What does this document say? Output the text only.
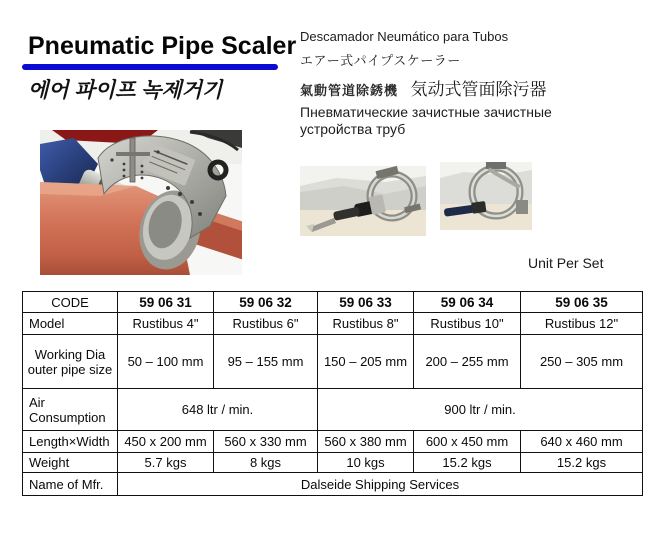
Pneumatic Pipe Scaler
에어 파이프 녹제거기
Descamador Neumático para Tubos
エアー式パイプスケーラー
氣動管道除銹機 気动式管面除污器
Пневматические зачистные зачистные
устройства труб
Unit Per Set
CODE	59 06 31	59 06 32	59 06 33	59 06 34	59 06 35
Model	Rustibus 4"	Rustibus 6"	Rustibus 8"	Rustibus 10"	Rustibus 12"
Working Dia outer pipe size	50 – 100 mm	95 – 155 mm	150 – 205 mm	200 – 255 mm	250 – 305 mm
Air Consumption	648 ltr / min.		900 ltr / min.		
Length×Width	450 x 200 mm	560 x 330 mm	560 x 380 mm	600 x 450 mm	640 x 460 mm
Weight	5.7 kgs	8 kgs	10 kgs	15.2 kgs	15.2 kgs
Name of Mfr.	Dalseide Shipping Services				
